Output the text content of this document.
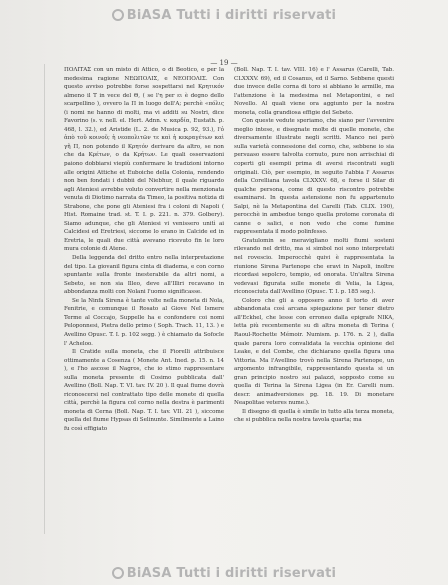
BiASA Tutti i diritti riservati
— 19 —

ΠΟΛΙΤΑΣ con un misto di Attico, o di Beotico, e per la medesima ragione ΝΕΩΠΟΛΙΣ, e ΝΕΟΠΟΛΙΣ. Con questo avviso potrebbe forse sospettarsi nel Κρητικόν almeno il Τ in vece del Θ, ( se l'η per ει è degno dello scarpellino ), ovvero la Π in luogo dell'Α; perchè «πόλις (i nomi ne hanno di molti, ma vi additi su Nostri, dice Favorino (s. v. nell. el. Hert. Adnn. v. καρδία, Eustath. p. 468, l. 32.), ed Aristide (L. 2. de Musica p. 92, 93.), l'ὁ ἀπὸ τοῦ κοινοῦ; ἡ νεοπολιτῶν τε καὶ ἡ κεκραγέτων καὶ γῆ Π, non potendo il Κρητόν derivare da altro, se non che da Κρέτων, o da Κρήτων. Le quali osservazioni paiono dobbiarsi viepiù confermare le tradizioni intorno alle origini Attiche et Euboiche della Colonia, rendendo non ben fondati i dubbii del Niebhur, il quale riguardo agli Ateniesi avrebbe voluto convertire nella menzionata venuta di Diotimo narrata da Timeo, la positiva notizia di Strabone, che pone gli Ateniesi fra i coloni di Napoli ( Hist. Romaine trad. st. T. I. p. 221. n. 379. Golbery). Siamo adunque, che gli Ateniesi vi venissero unitì ai Calcidesi ed Eretriesi, siccome lo erano in Calcide ed in Eretria, le quali due città avevano ricevuto fin le loro mura colonie di Atene.

Della leggenda del dritto entro nella interpretazione del tipo. La giovanil figura cinta di diadema, e con corno spuntante sulla fronte inesterabile da altri nomi, a Sebeto, se non sia Illeo, deve all'Illiri recavano in abbondanza molti con Nolani l'uomo significasse.

Se la Ninfa Sirena è tante volte nella moneta di Nola, Fenitrie, e comunque il Rosato al Giove Nel Ismere Terme al Coccajo, Suppelle ha e confondere coi nomi Peloponnesi, Pietra dello primo ( Soph. Trach. 11, 13. ) e Avellino Opusc. T. I. p. 102 segg. ) è chiamato da Sofocle l' Acheloo.

Il Cratide sulla moneta, che il Fiorelli attribuisce ottimamente a Cosenza ( Monete Ant. Ined. p. 15. n. 14 ), e l'ho ascose il Nagros, che io stimo rappresentare sulla moneta presente di Cosimo pubblicata dall' Avellino (Boll. Nap. T. VI. tav. IV. 20 ). Il qual fiume dovrà riconoscersi nel contrattato tipo delle monete di quella città, perchè la figura col corno nella destra è parimenti moneta di Cerna (Boll. Nap. T. I. tav. VII. 21 ), siccome quella del fiume Hypsas di Selinunte. Similmente a Laino fu così effigiato

(Boll. Nap. T. I. tav. VIII. 16) e l' Assarus (Carelli, Tab. CLXXXV. 69), ed il Cosanus, ed il Sarno. Sebbene questi due invece delle corna di toro si abbiano le armille, ma l'attenzione è la medesima nel Metapontini, e nel Novello. Al quali viene ora aggiunto per la nostra moneta, colla grandiosa effigie del Sebeto.

Con queste vedute speriamo, che siano per l'avvenire meglio intese, e disegnate molte di quelle monete, che diversamente illustrate negli scritti. Manco nei però sulla varietà connessione del corno, che, sebbene io sia persuaso essere talvolta cornuto, pure non arrischiai di coperti gli esempii prima di aversi riscontrati sugli originali. Ciò, per esempio, in seguito l'abbia l' Assarus della Corelliana tavola CLXXXV. 68, e forse il Silar di qualche persona, come di questo riscontro potrebbe esaminarsi. In questa astensione non fu appartenuto Salpi, nè la Metapontina del Carelli (Tab. CLIX. 190), perocchè in ambedue tengo quella protome coronata di canne o salici, e non vedo che come fumine rappresentata il modo polinfesso.

Gratulomin se meravigliano molti fiumi sosteni rilevando nel dritto, ma si simbol noi sono interpretati nel rovescio. Imperocchè quivi è rappresentata la riunione Sirena Partenope che eravi in Napoli, inoltre ricordasi sepolcro, tempio, ed onorata. Un'altra Sirena vedevasi figurata sulle monete di Velia, la Ligea, riconosciuta dall'Avellino (Opusc. T. I. p. 185 seg.).

Coloro che gli a opposero anno il torto di aver abbandonata così arcana spiegazione per tener dietro all'Eckhel, che lesse con erroneo dalla epigrafe NIKA, letta più recentemente su di altra moneta di Terina ( Raoul-Rochette Mémoir. Numism. p. 176. n. 2 ), dalla quale parera loro convalidata la vecchia opinione del Leake, e del Combe, che dichiarano quella figura una Vittoria. Ma l'Avellino trovò nella Sirena Partenope, un argomento infrangibile, rappresentando questa si un gran principio nostro sui palazzi, sopposto come su quella di Terina la Sirena Ligea (in Er. Carelli num. descr. animadversiones pg. 18. 19. Di monetare Neapolitae veteres nume.).

Il disegno di quella è simile in tutto alla terza moneta, che si pubblica nella nostra tavola quarta; ma

BiASA Tutti i diritti riservati
